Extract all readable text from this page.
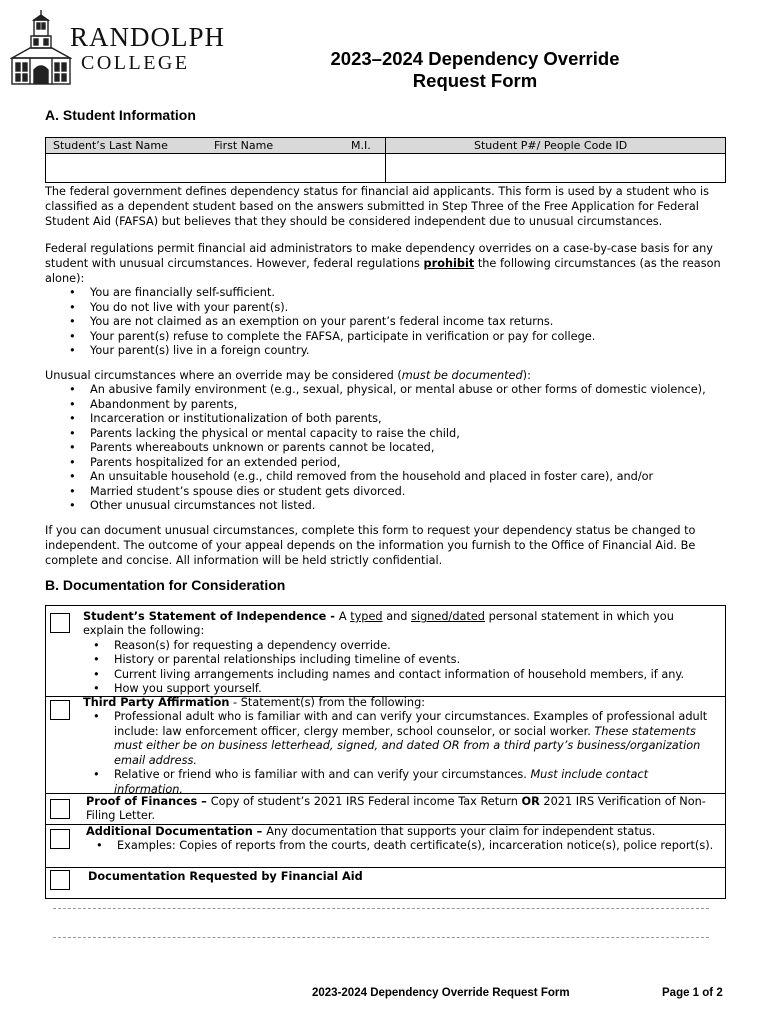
RANDOLPH
COLLEGE	2023–2024 Dependency Override
Request Form
A. Student Information
Student’s Last Name	First Name	M.I.	Student P#/ People Code ID

The federal government defines dependency status for financial aid applicants. This form is used by a student who is classified as a dependent student based on the answers submitted in Step Three of the Free Application for Federal Student Aid (FAFSA) but believes that they should be considered independent due to unusual circumstances.

Federal regulations permit financial aid administrators to make dependency overrides on a case-by-case basis for any student with unusual circumstances. However, federal regulations prohibit the following circumstances (as the reason alone):
• You are financially self-sufficient.
• You do not live with your parent(s).
• You are not claimed as an exemption on your parent’s federal income tax returns.
• Your parent(s) refuse to complete the FAFSA, participate in verification or pay for college.
• Your parent(s) live in a foreign country.
Unusual circumstances where an override may be considered (must be documented):
• An abusive family environment (e.g., sexual, physical, or mental abuse or other forms of domestic violence),
• Abandonment by parents,
• Incarceration or institutionalization of both parents,
• Parents lacking the physical or mental capacity to raise the child,
• Parents whereabouts unknown or parents cannot be located,
• Parents hospitalized for an extended period,
• An unsuitable household (e.g., child removed from the household and placed in foster care), and/or
• Married student’s spouse dies or student gets divorced.
• Other unusual circumstances not listed.

If you can document unusual circumstances, complete this form to request your dependency status be changed to independent. The outcome of your appeal depends on the information you furnish to the Office of Financial Aid. Be complete and concise. All information will be held strictly confidential.

B. Documentation for Consideration
Student’s Statement of Independence - A typed and signed/dated personal statement in which you explain the following:
• Reason(s) for requesting a dependency override.
• History or parental relationships including timeline of events.
• Current living arrangements including names and contact information of household members, if any.
• How you support yourself.
Third Party Affirmation - Statement(s) from the following:
• Professional adult who is familiar with and can verify your circumstances. Examples of professional adult include: law enforcement officer, clergy member, school counselor, or social worker. These statements must either be on business letterhead, signed, and dated OR from a third party’s business/organization email address.
• Relative or friend who is familiar with and can verify your circumstances. Must include contact information.
Proof of Finances – Copy of student’s 2021 IRS Federal income Tax Return OR 2021 IRS Verification of Non-Filing Letter.
Additional Documentation – Any documentation that supports your claim for independent status.
• Examples: Copies of reports from the courts, death certificate(s), incarceration notice(s), police report(s).
Documentation Requested by Financial Aid
2023-2024 Dependency Override Request Form	Page 1 of 2
